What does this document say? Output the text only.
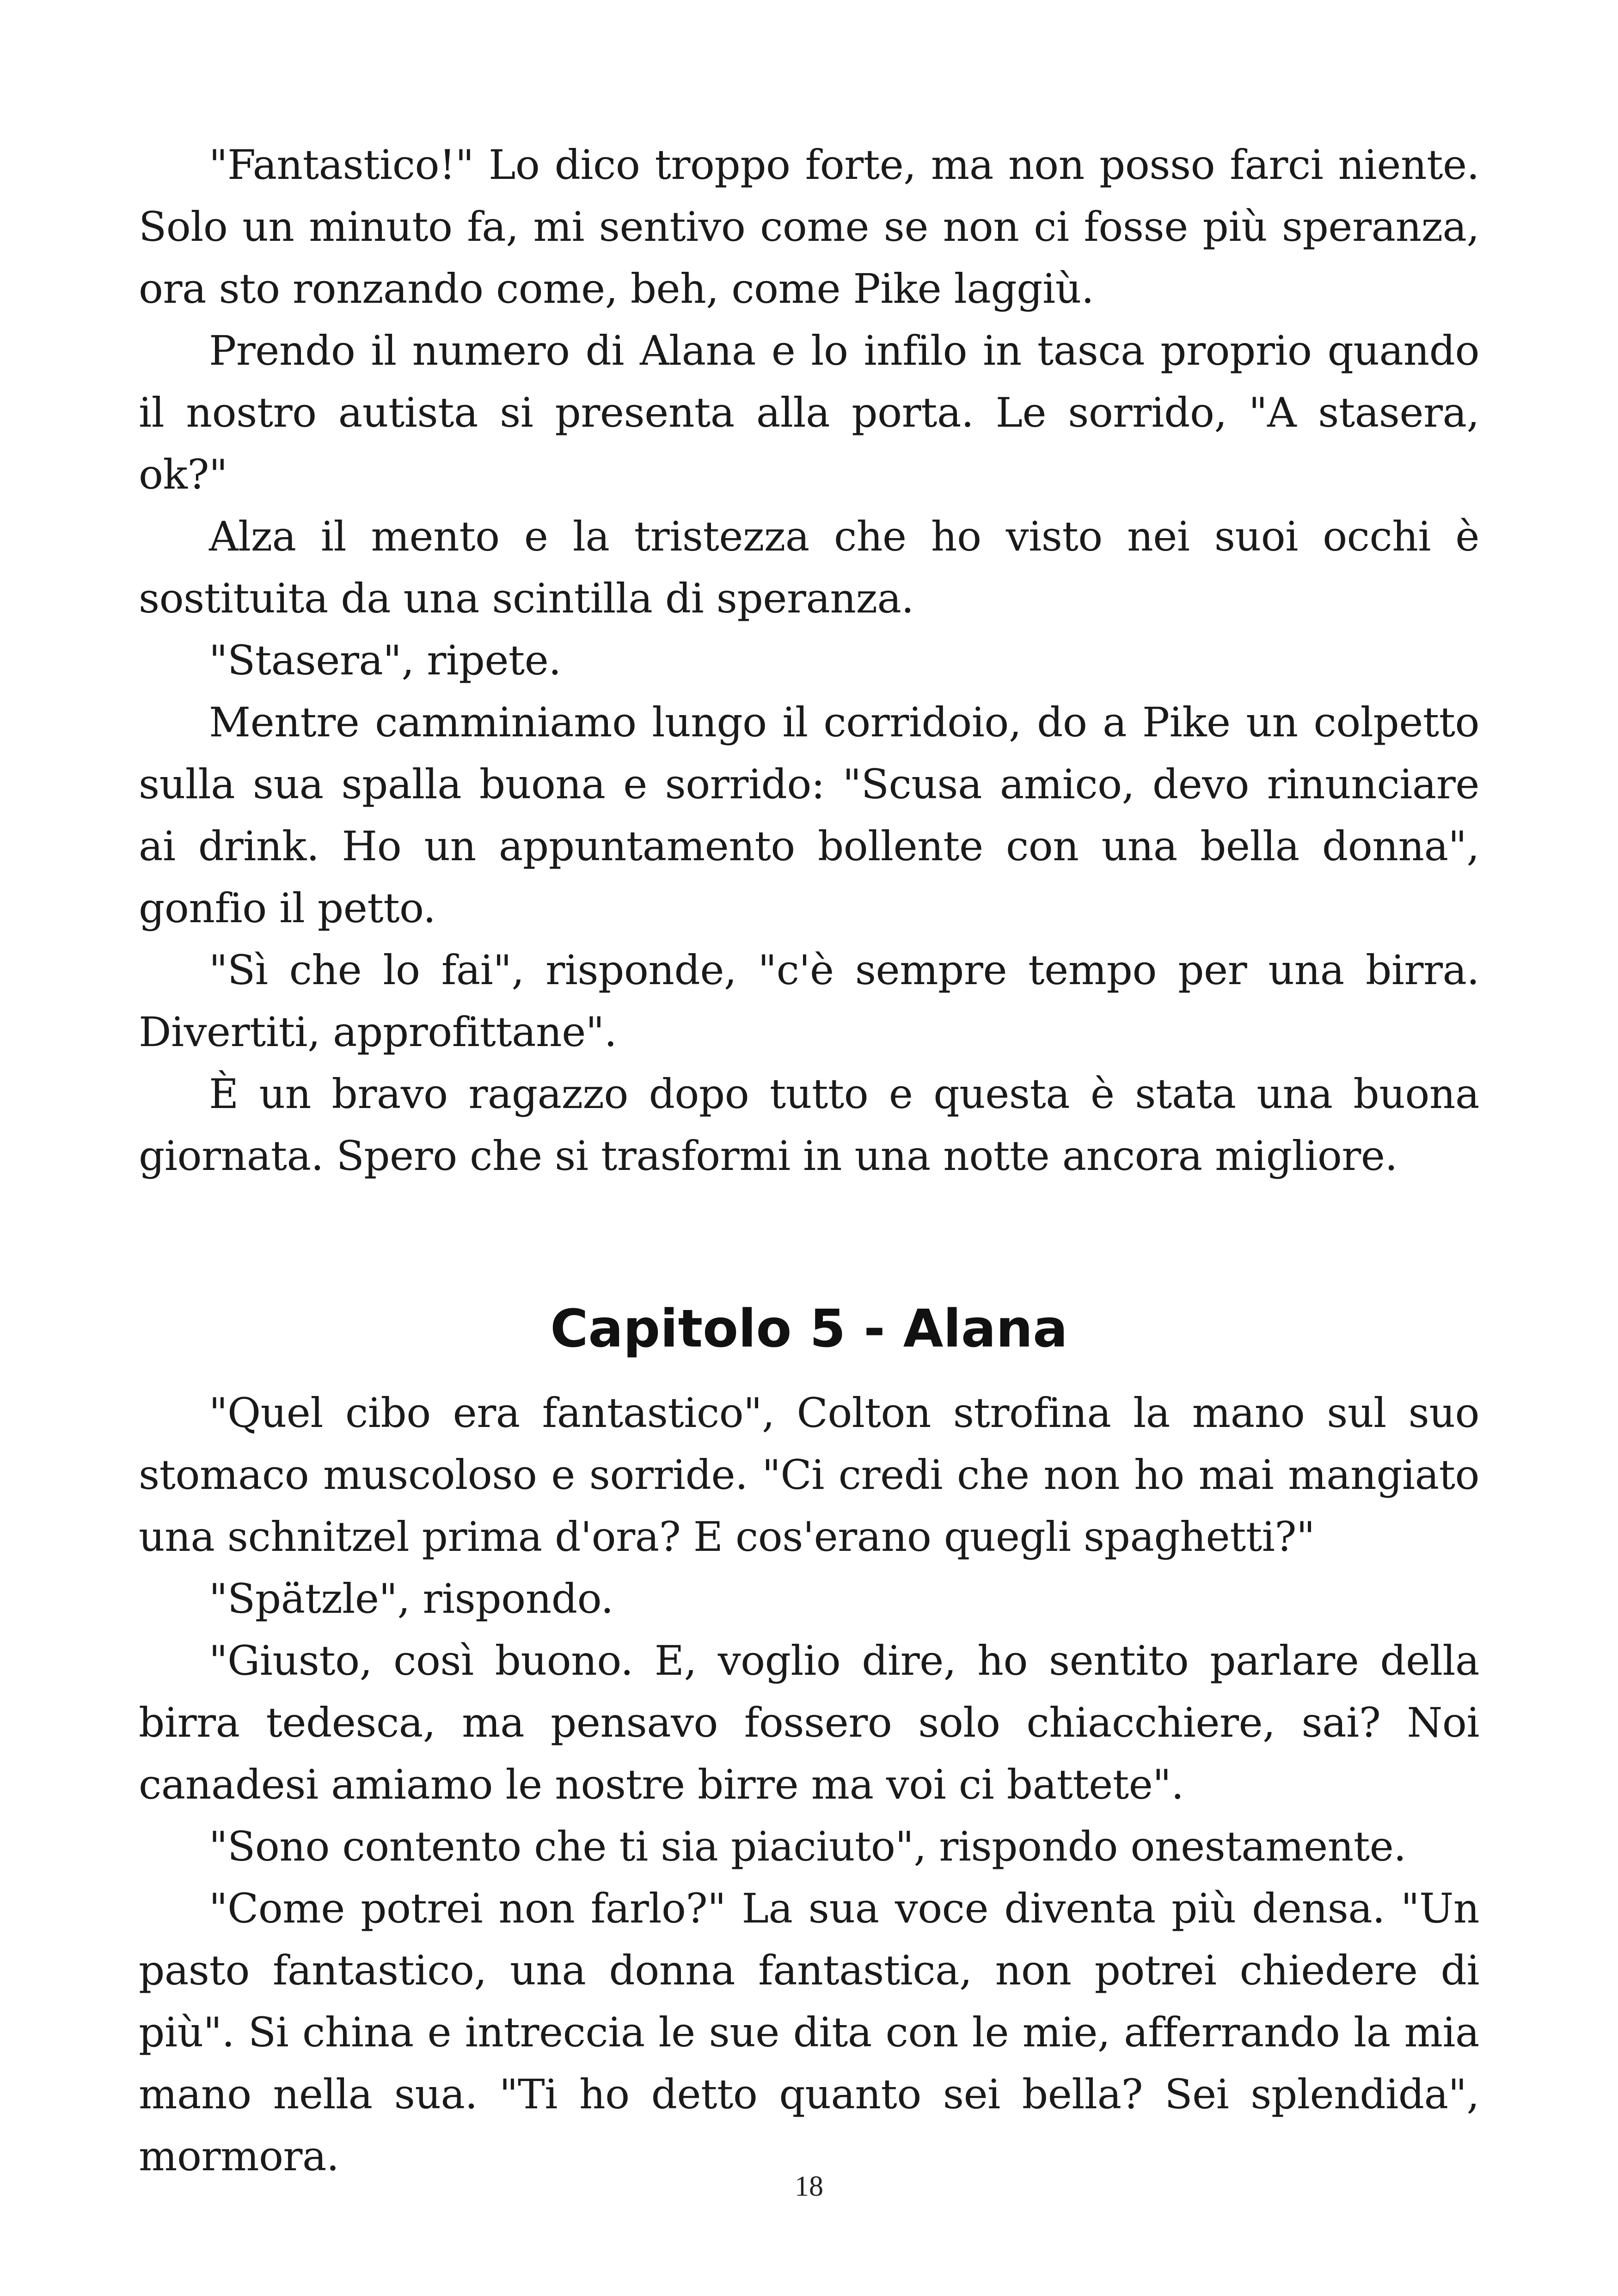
"Fantastico!" Lo dico troppo forte, ma non posso farci niente. Solo un minuto fa, mi sentivo come se non ci fosse più speranza, ora sto ronzando come, beh, come Pike laggiù.

Prendo il numero di Alana e lo infilo in tasca proprio quando il nostro autista si presenta alla porta. Le sorrido, "A stasera, ok?"

Alza il mento e la tristezza che ho visto nei suoi occhi è sostituita da una scintilla di speranza.

"Stasera", ripete.

Mentre camminiamo lungo il corridoio, do a Pike un colpetto sulla sua spalla buona e sorrido: "Scusa amico, devo rinunciare ai drink. Ho un appuntamento bollente con una bella donna", gonfio il petto.

"Sì che lo fai", risponde, "c'è sempre tempo per una birra. Divertiti, approfittane".

È un bravo ragazzo dopo tutto e questa è stata una buona giornata. Spero che si trasformi in una notte ancora migliore.

Capitolo 5 - Alana

"Quel cibo era fantastico", Colton strofina la mano sul suo stomaco muscoloso e sorride. "Ci credi che non ho mai mangiato una schnitzel prima d'ora? E cos'erano quegli spaghetti?"

"Spätzle", rispondo.

"Giusto, così buono. E, voglio dire, ho sentito parlare della birra tedesca, ma pensavo fossero solo chiacchiere, sai? Noi canadesi amiamo le nostre birre ma voi ci battete".

"Sono contento che ti sia piaciuto", rispondo onestamente.

"Come potrei non farlo?" La sua voce diventa più densa. "Un pasto fantastico, una donna fantastica, non potrei chiedere di più". Si china e intreccia le sue dita con le mie, afferrando la mia mano nella sua. "Ti ho detto quanto sei bella? Sei splendida", mormora.

18
